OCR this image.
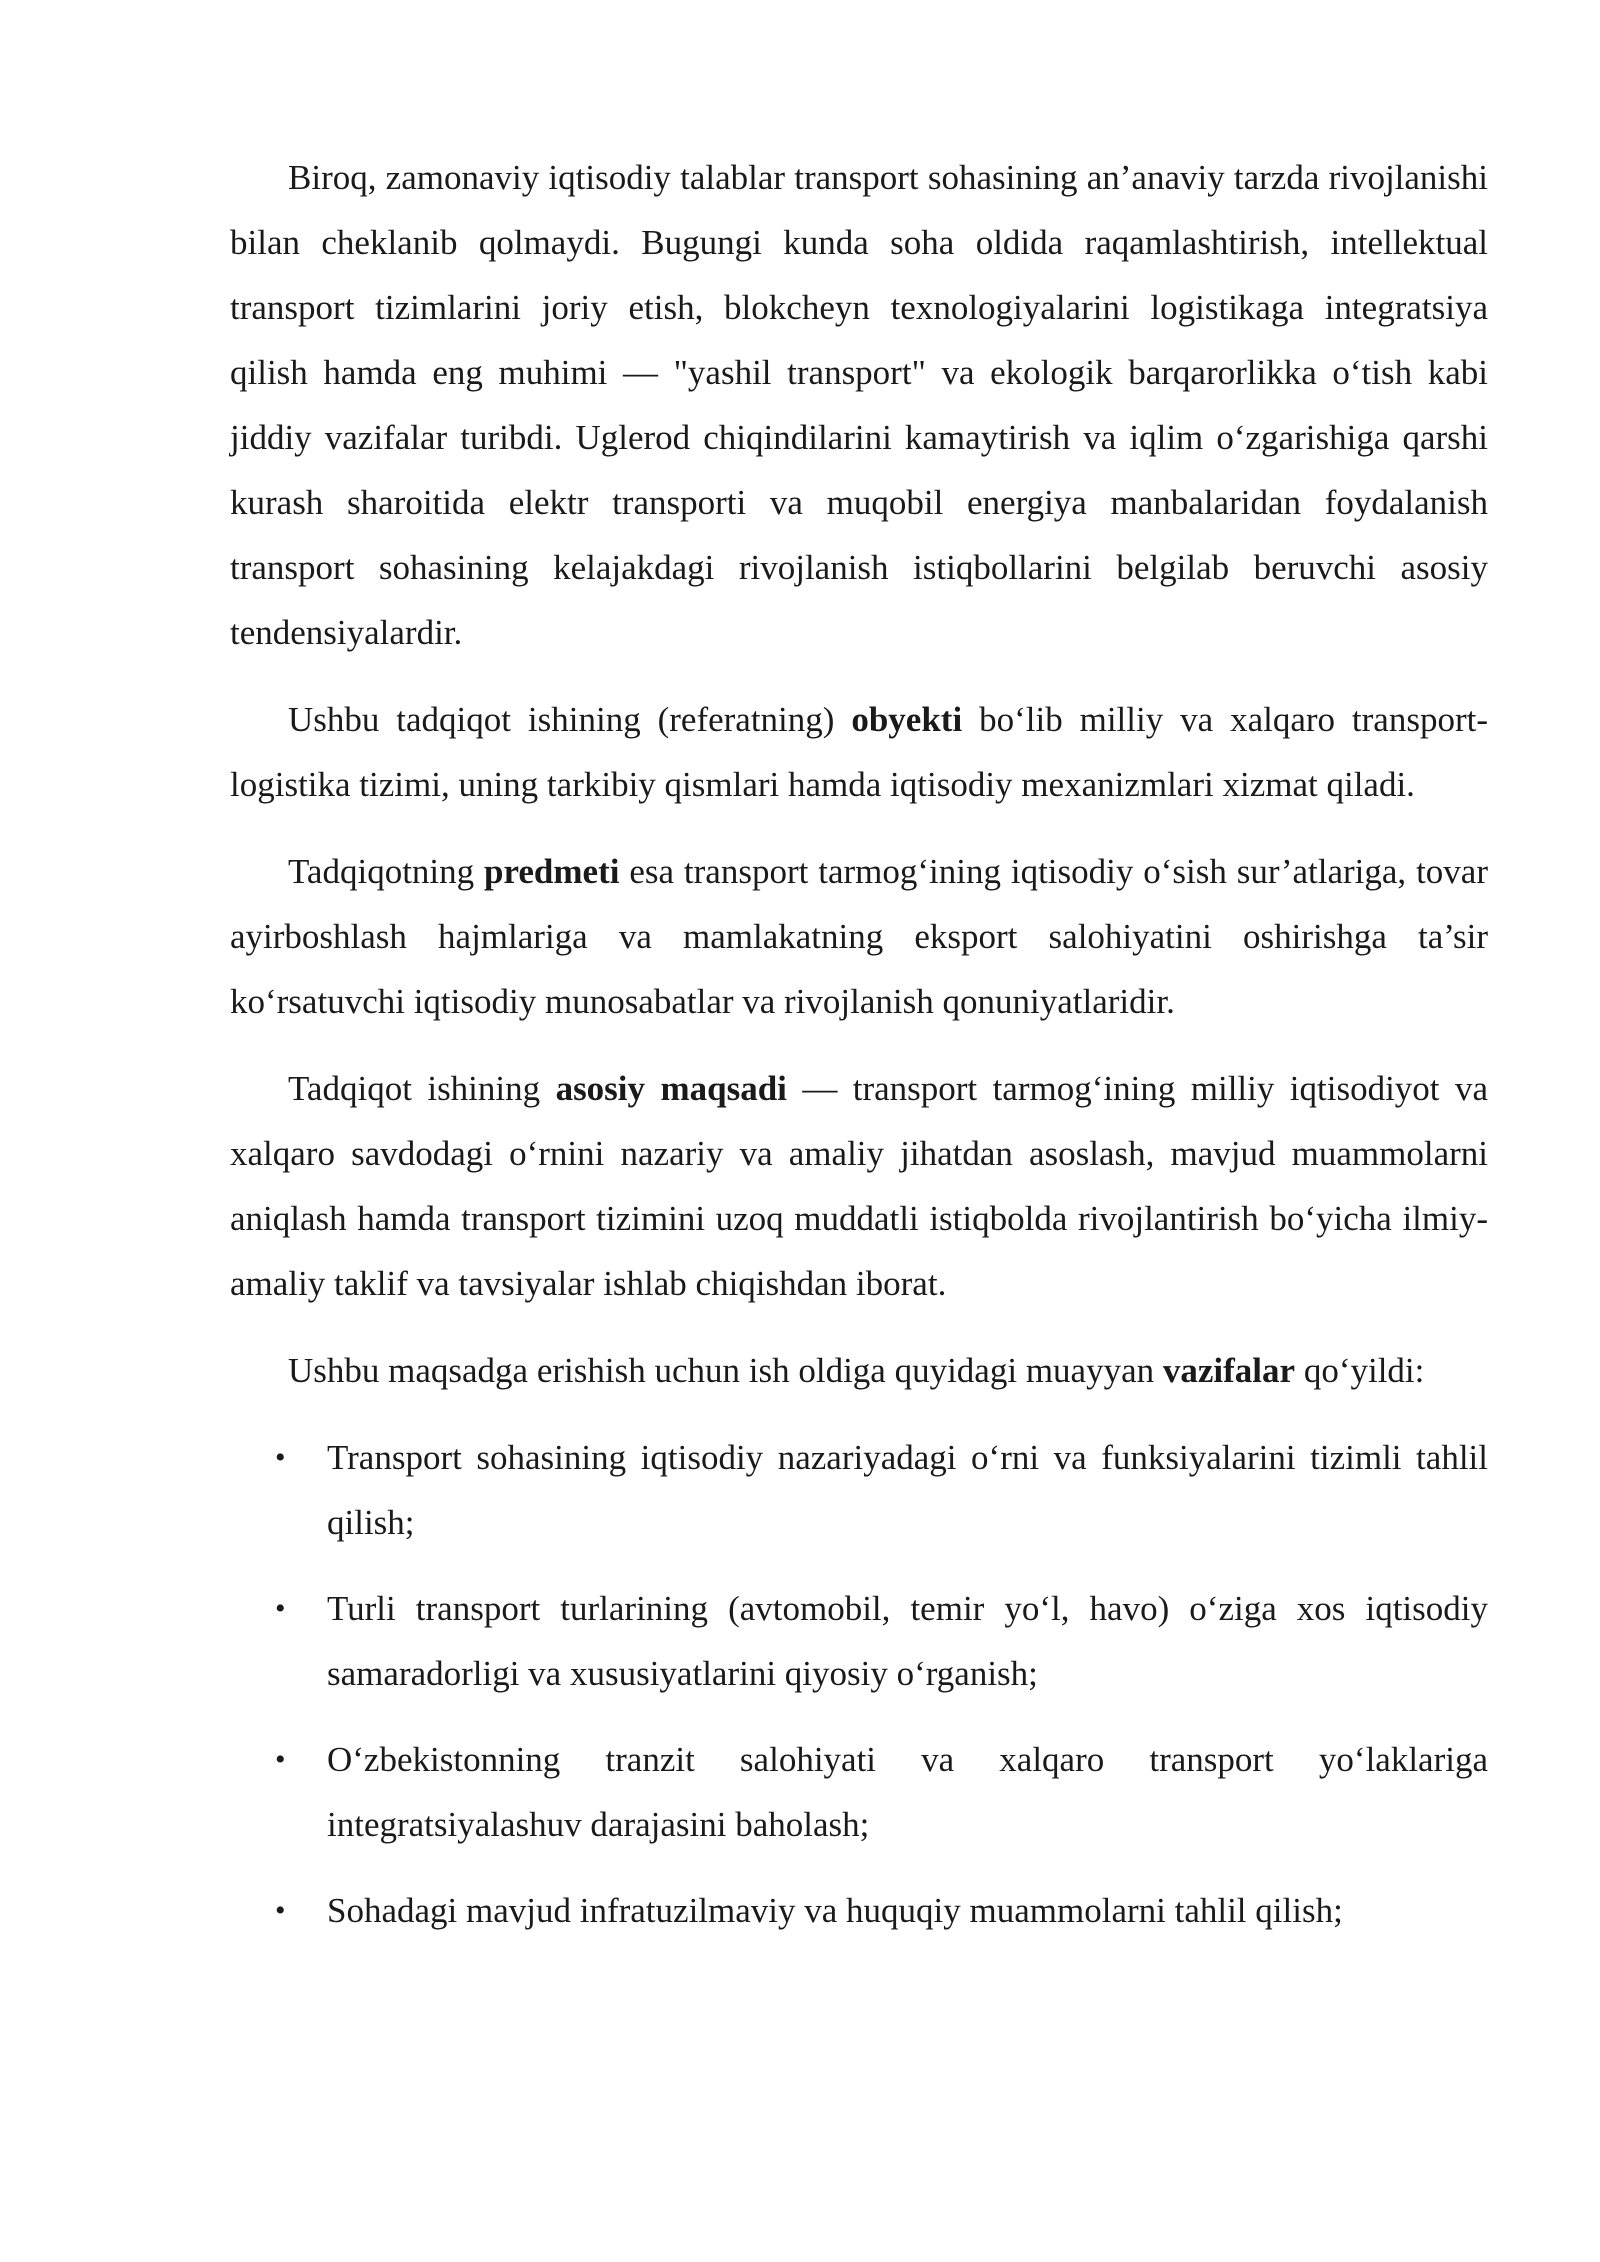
Biroq, zamonaviy iqtisodiy talablar transport sohasining an’anaviy tarzda rivojlanishi bilan cheklanib qolmaydi. Bugungi kunda soha oldida raqamlashtirish, intellektual transport tizimlarini joriy etish, blokcheyn texnologiyalarini logistikaga integratsiya qilish hamda eng muhimi — "yashil transport" va ekologik barqarorlikka o‘tish kabi jiddiy vazifalar turibdi. Uglerod chiqindilarini kamaytirish va iqlim o‘zgarishiga qarshi kurash sharoitida elektr transporti va muqobil energiya manbalaridan foydalanish transport sohasining kelajakdagi rivojlanish istiqbollarini belgilab beruvchi asosiy tendensiyalardir.

Ushbu tadqiqot ishining (referatning) obyekti bo‘lib milliy va xalqaro transport-logistika tizimi, uning tarkibiy qismlari hamda iqtisodiy mexanizmlari xizmat qiladi.

Tadqiqotning predmeti esa transport tarmog‘ining iqtisodiy o‘sish sur’atlariga, tovar ayirboshlash hajmlariga va mamlakatning eksport salohiyatini oshirishga ta’sir ko‘rsatuvchi iqtisodiy munosabatlar va rivojlanish qonuniyatlaridir.

Tadqiqot ishining asosiy maqsadi — transport tarmog‘ining milliy iqtisodiyot va xalqaro savdodagi o‘rnini nazariy va amaliy jihatdan asoslash, mavjud muammolarni aniqlash hamda transport tizimini uzoq muddatli istiqbolda rivojlantirish bo‘yicha ilmiy-amaliy taklif va tavsiyalar ishlab chiqishdan iborat.

Ushbu maqsadga erishish uchun ish oldiga quyidagi muayyan vazifalar qo‘yildi:

• Transport sohasining iqtisodiy nazariyadagi o‘rni va funksiyalarini tizimli tahlil qilish;
• Turli transport turlarining (avtomobil, temir yo‘l, havo) o‘ziga xos iqtisodiy samaradorligi va xususiyatlarini qiyosiy o‘rganish;
• O‘zbekistonning tranzit salohiyati va xalqaro transport yo‘laklariga integratsiyalashuv darajasini baholash;
• Sohadagi mavjud infratuzilmaviy va huquqiy muammolarni tahlil qilish;
